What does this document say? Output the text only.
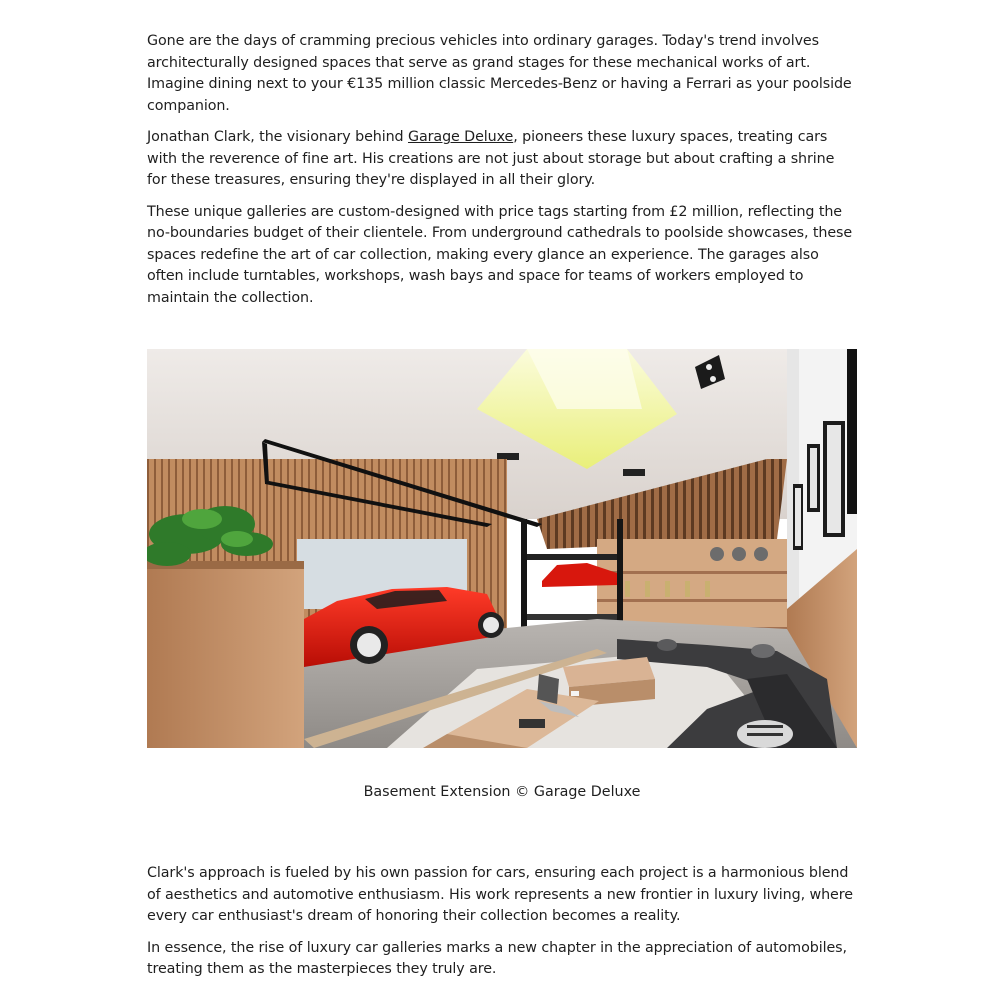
Gone are the days of cramming precious vehicles into ordinary garages. Today's trend involves architecturally designed spaces that serve as grand stages for these mechanical works of art. Imagine dining next to your €135 million classic Mercedes-Benz or having a Ferrari as your poolside companion.

Jonathan Clark, the visionary behind Garage Deluxe, pioneers these luxury spaces, treating cars with the reverence of fine art. His creations are not just about storage but about crafting a shrine for these treasures, ensuring they're displayed in all their glory.

These unique galleries are custom-designed with price tags starting from £2 million, reflecting the no-boundaries budget of their clientele. From underground cathedrals to poolside showcases, these spaces redefine the art of car collection, making every glance an experience. The garages also often include turntables, workshops, wash bays and space for teams of workers employed to maintain the collection.

Basement Extension © Garage Deluxe

Clark's approach is fueled by his own passion for cars, ensuring each project is a harmonious blend of aesthetics and automotive enthusiasm. His work represents a new frontier in luxury living, where every car enthusiast's dream of honoring their collection becomes a reality.

In essence, the rise of luxury car galleries marks a new chapter in the appreciation of automobiles, treating them as the masterpieces they truly are.
